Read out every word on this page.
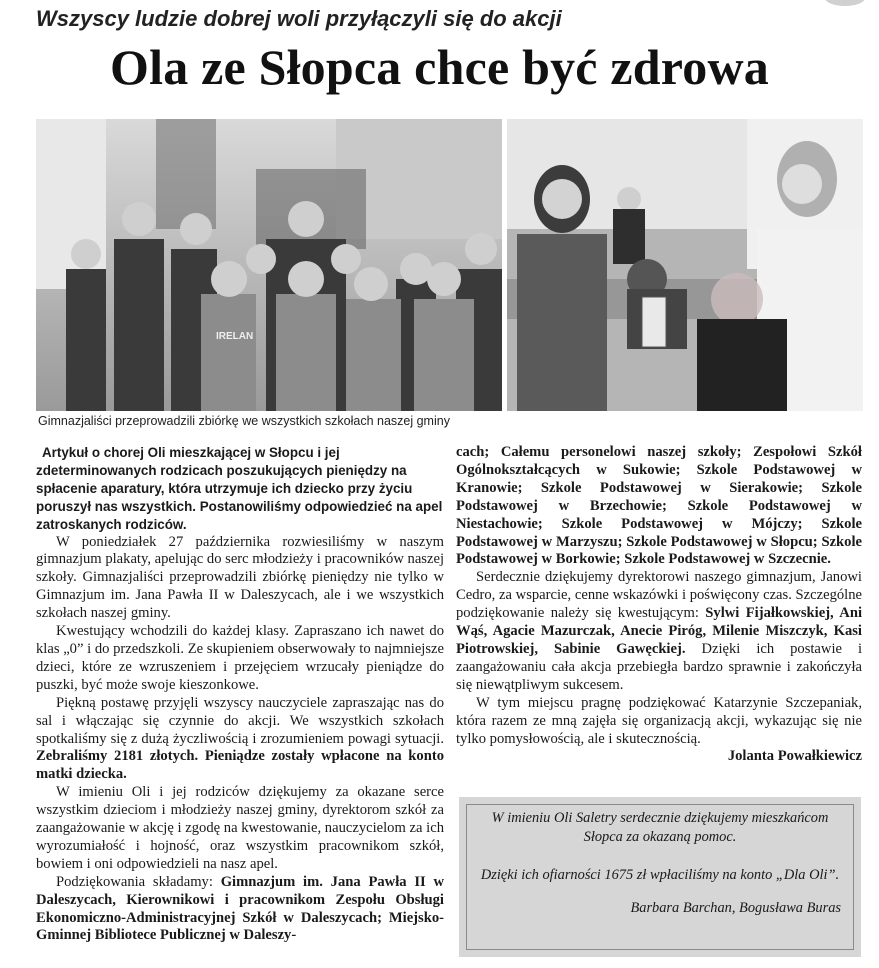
Wszyscy ludzie dobrej woli przyłączyli się do akcji
Ola ze Słopca chce być zdrowa
IRELAN
Gimnazjaliści przeprowadzili zbiórkę we wszystkich szkołach naszej gminy

Artykuł o chorej Oli mieszkającej w Słopcu i jej zdeterminowanych rodzicach poszukujących pieniędzy na spłacenie aparatury, która utrzymuje ich dziecko przy życiu poruszył nas wszystkich. Postanowiliśmy odpowiedzieć na apel zatroskanych rodziców.

W poniedziałek 27 października rozwiesiliśmy w naszym gimnazjum plakaty, apelując do serc młodzieży i pracowników naszej szkoły. Gimnazjaliści przeprowadzili zbiórkę pieniędzy nie tylko w Gimnazjum im. Jana Pawła II w Daleszycach, ale i we wszystkich szkołach naszej gminy.

Kwestujący wchodzili do każdej klasy. Zapraszano ich nawet do klas „0” i do przedszkoli. Ze skupieniem obserwowały to najmniejsze dzieci, które ze wzruszeniem i przejęciem wrzucały pieniądze do puszki, być może swoje kieszonkowe.

Piękną postawę przyjęli wszyscy nauczyciele zapraszając nas do sal i włączając się czynnie do akcji. We wszystkich szkołach spotkaliśmy się z dużą życzliwością i zrozumieniem powagi sytuacji. Zebraliśmy 2181 złotych. Pieniądze zostały wpłacone na konto matki dziecka.

W imieniu Oli i jej rodziców dziękujemy za okazane serce wszystkim dzieciom i młodzieży naszej gminy, dyrektorom szkół za zaangażowanie w akcję i zgodę na kwestowanie, nauczycielom za ich wyrozumiałość i hojność, oraz wszystkim pracownikom szkół, bowiem i oni odpowiedzieli na nasz apel.

Podziękowania składamy: Gimnazjum im. Jana Pawła II w Daleszycach, Kierownikowi i pracownikom Zespołu Obsługi Ekonomiczno-Administracyjnej Szkół w Daleszycach; Miejsko-Gminnej Bibliotece Publicznej w Daleszy-

cach; Całemu personelowi naszej szkoły; Zespołowi Szkół Ogólnokształcących w Sukowie; Szkole Podstawowej w Kranowie; Szkole Podstawowej w Sierakowie; Szkole Podstawowej w Brzechowie; Szkole Podstawowej w Niestachowie; Szkole Podstawowej w Mójczy; Szkole Podstawowej w Marzyszu; Szkole Podstawowej w Słopcu; Szkole Podstawowej w Borkowie; Szkole Podstawowej w Szczecnie.

Serdecznie dziękujemy dyrektorowi naszego gimnazjum, Janowi Cedro, za wsparcie, cenne wskazówki i poświęcony czas. Szczególne podziękowanie należy się kwestującym: Sylwi Fijałkowskiej, Ani Wąś, Agacie Mazurczak, Anecie Piróg, Milenie Miszczyk, Kasi Piotrowskiej, Sabinie Gawęckiej. Dzięki ich postawie i zaangażowaniu cała akcja przebiegła bardzo sprawnie i zakończyła się niewątpliwym sukcesem.

W tym miejscu pragnę podziękować Katarzynie Szczepaniak, która razem ze mną zajęła się organizacją akcji, wykazując się nie tylko pomysłowością, ale i skutecznością.

Jolanta Powałkiewicz

W imieniu Oli Saletry serdecznie dziękujemy mieszkańcom Słopca za okazaną pomoc.

Dzięki ich ofiarności 1675 zł wpłaciliśmy na konto „Dla Oli”.

Barbara Barchan, Bogusława Buras
